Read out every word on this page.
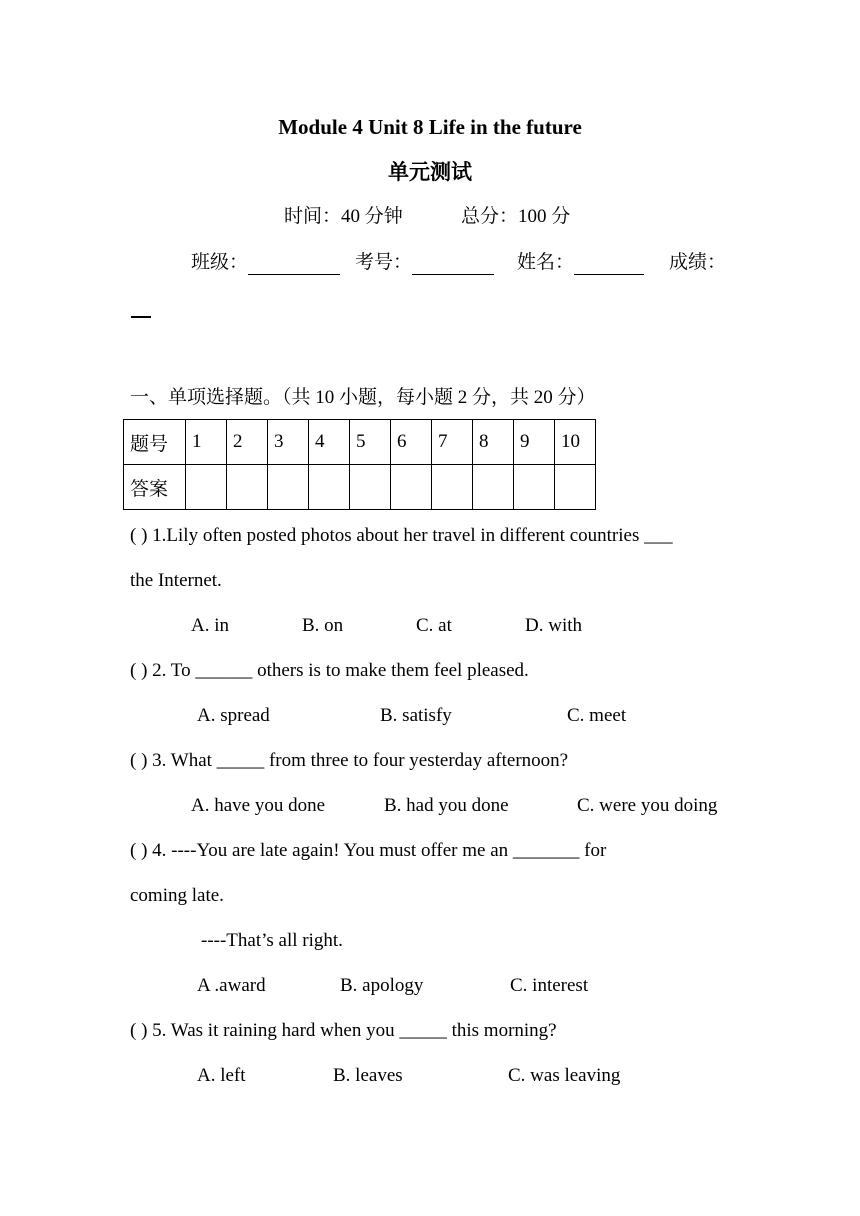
Module 4 Unit 8 Life in the future
单元测试
时间：40 分钟	总分：100 分
班级：	考号：	姓名：	成绩：
一、单项选择题。（共 10 小题，每小题 2 分，共 20 分）
题号	1	2	3	4	5	6	7	8	9	10
答案										
( ) 1.Lily often posted photos about her travel in different countries ___
the Internet.
A. in	B. on	C. at	D. with
( ) 2. To ______ others is to make them feel pleased.
A. spread	B. satisfy	C. meet
( ) 3. What _____ from three to four yesterday afternoon?
A. have you done	B. had you done	C. were you doing
( ) 4. ----You are late again! You must offer me an _______ for
coming late.
----That’s all right.
A .award	B. apology	C. interest
( ) 5. Was it raining hard when you _____ this morning?
A. left	B. leaves	C. was leaving
